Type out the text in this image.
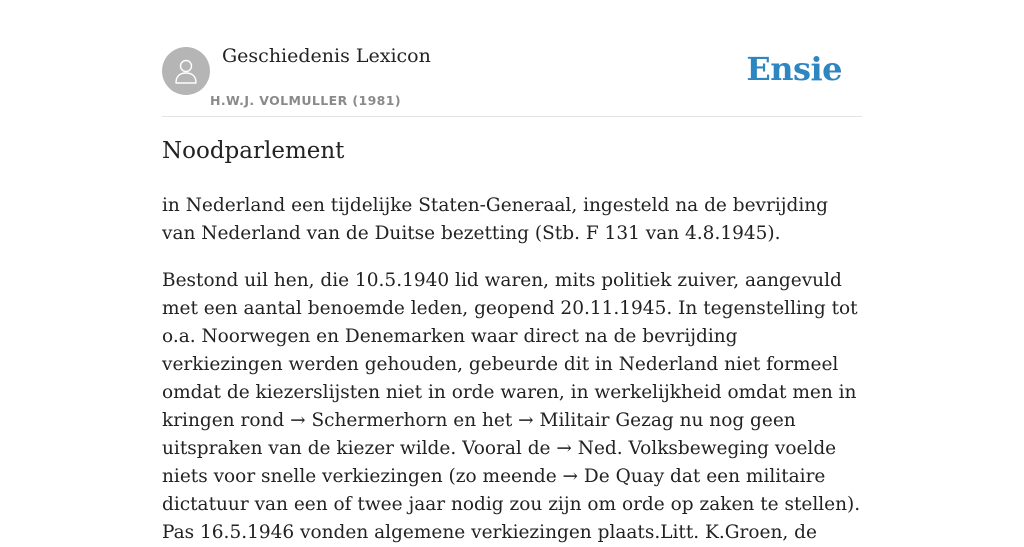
Geschiedenis Lexicon
H.W.J. VOLMULLER (1981)
Ensie
Noodparlement

in Nederland een tijdelijke Staten-Generaal, ingesteld na de bevrijding van Nederland van de Duitse bezetting (Stb. F 131 van 4.8.1945).

Bestond uil hen, die 10.5.1940 lid waren, mits politiek zuiver, aangevuld met een aantal benoemde leden, geopend 20.11.1945. In tegenstelling tot o.a. Noorwegen en Denemarken waar direct na de bevrijding verkiezingen werden gehouden, gebeurde dit in Nederland niet formeel omdat de kiezerslijsten niet in orde waren, in werkelijkheid omdat men in kringen rond → Schermerhorn en het → Militair Gezag nu nog geen uitspraken van de kiezer wilde. Vooral de → Ned. Volksbeweging voelde niets voor snelle verkiezingen (zo meende → De Quay dat een militaire dictatuur van een of twee jaar nodig zou zijn om orde op zaken te stellen). Pas 16.5.1946 vonden algemene verkiezingen plaats.Litt. K.Groen, de
